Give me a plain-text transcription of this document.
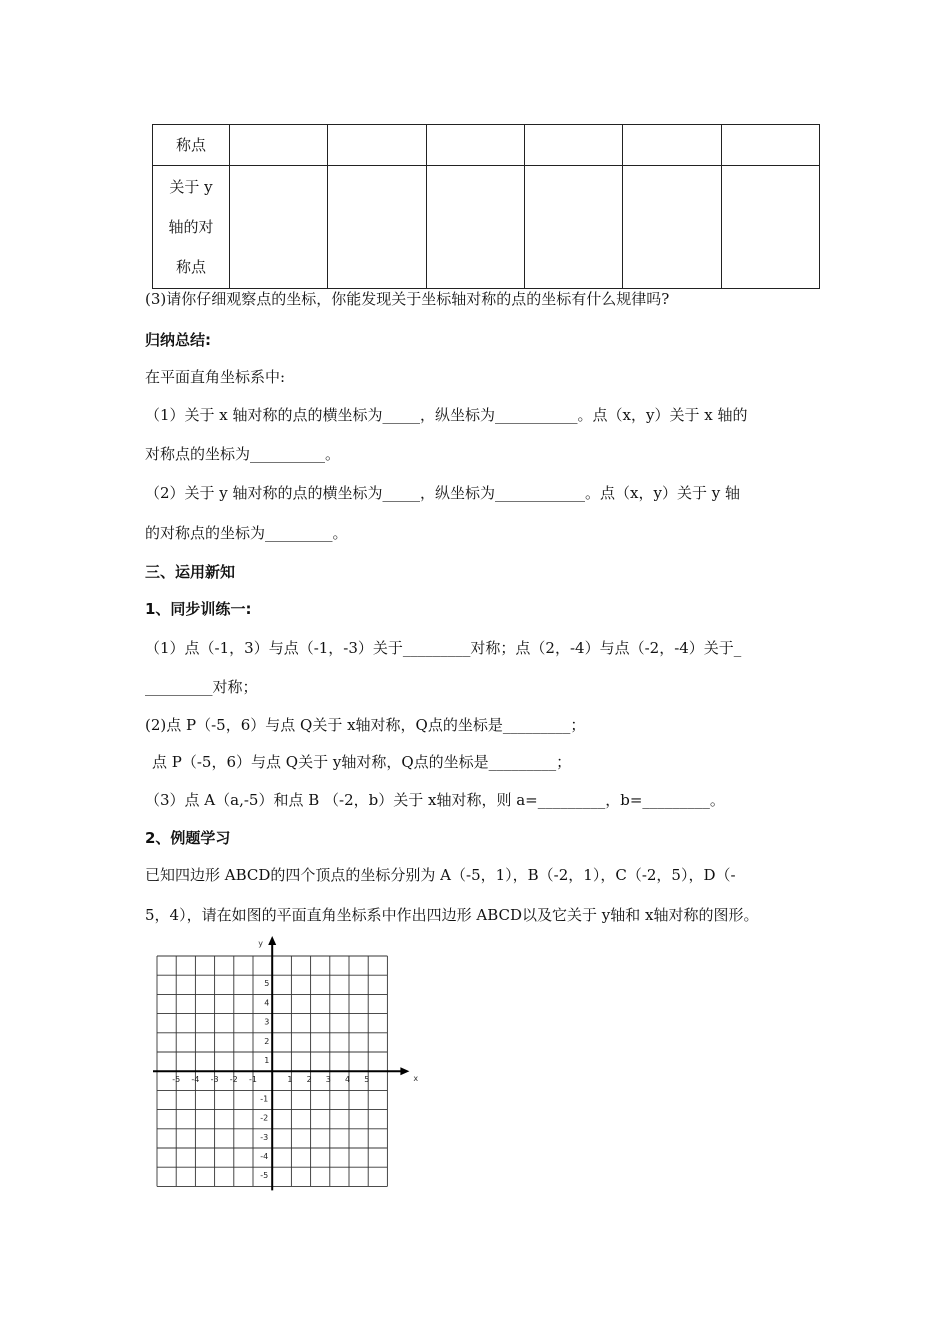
称点						

关于 y
轴的对
称点						

(3)请你仔细观察点的坐标，你能发现关于坐标轴对称的点的坐标有什么规律吗?
归纳总结:
在平面直角坐标系中:
（1）关于 x 轴对称的点的横坐标为_____，纵坐标为___________。点（x，y）关于 x 轴的
对称点的坐标为__________。
（2）关于 y 轴对称的点的横坐标为_____，纵坐标为____________。点（x，y）关于 y 轴
的对称点的坐标为_________。
三、运用新知
1、同步训练一:
（1）点（-1，3）与点（-1，-3）关于_________对称；点（2，-4）与点（-2，-4）关于_
_________对称；
(2)点 P（-5，6）与点 Q关于 x轴对称，Q点的坐标是_________；
点 P（-5，6）与点 Q关于 y轴对称，Q点的坐标是_________；
（3）点 A（a,-5）和点 B （-2，b）关于 x轴对称，则 a=_________，b=_________。
2、例题学习
已知四边形 ABCD的四个顶点的坐标分别为 A（-5，1），B（-2，1），C（-2，5），D（-
5，4），请在如图的平面直角坐标系中作出四边形 ABCD以及它关于 y轴和 x轴对称的图形。
x
y
-5 -4 -3 -2 -1	1 2 3 4 5
5
4
3
2
1
-1
-2
-3
-4
-5
